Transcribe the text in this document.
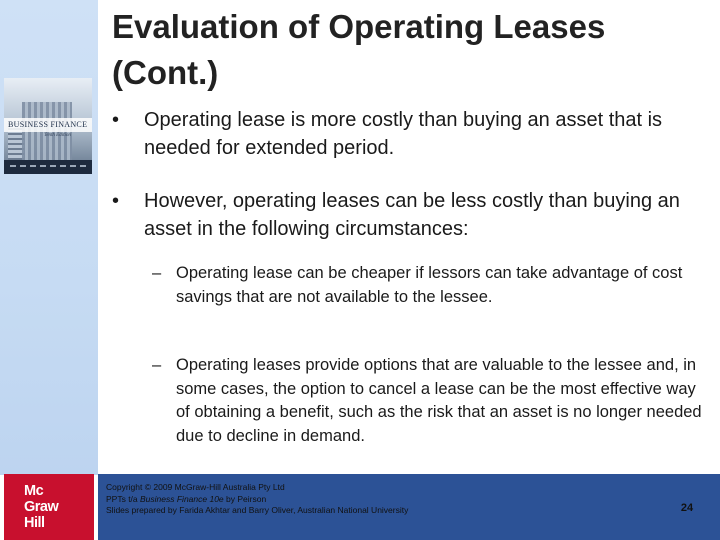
BUSINESS FINANCE
Tenth Edition
Evaluation of Operating Leases
(Cont.)
•	Operating lease is more costly than buying an asset that is needed for extended period.
•	However, operating leases can be less costly than buying an asset in the following circumstances:
– Operating lease can be cheaper if lessors can take advantage of cost savings that are not available to the lessee.
– Operating leases provide options that are valuable to the lessee and, in some cases, the option to cancel a lease can be the most effective way of obtaining a benefit, such as the risk that an asset is no longer needed due to decline in demand.
Copyright © 2009 McGraw-Hill Australia Pty Ltd
PPTs t/a Business Finance 10e by Peirson
Slides prepared by Farida Akhtar and Barry Oliver, Australian National University	24
Mc
Graw
Hill
